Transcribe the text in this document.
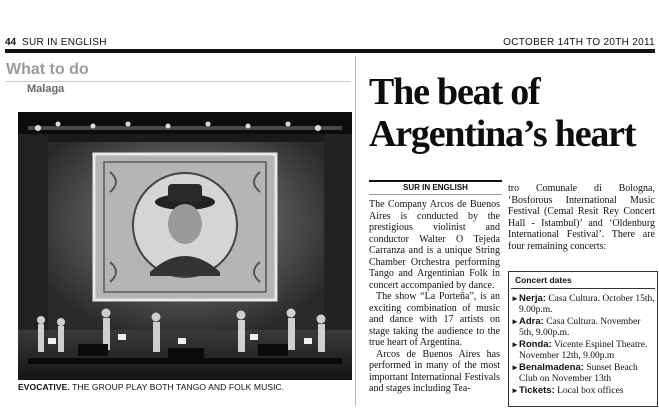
44 SUR IN ENGLISH	OCTOBER 14TH TO 20TH 2011
What to do
Malaga
EVOCATIVE. THE GROUP PLAY BOTH TANGO AND FOLK MUSIC.
The beat of
Argentina’s heart
SUR IN ENGLISH

The Company Arcos de Buenos Aires is conducted by the prestigious violinist and conductor Walter O Tejeda Carranza and is a unique String Chamber Orchestra performing Tango and Argentinian Folk in concert accompanied by dance.

The show “La Porteña”, is an exciting combination of music and dance with 17 artists on stage taking the audience to the true heart of Argentina.

Arcos de Buenos Aires has performed in many of the most important International Festivals and stages including Tea-

tro Comunale di Bologna, ‘Bosforous International Music Festival (Cemal Resit Rey Concert Hall - Istambul)’ and ‘Oldenburg International Festival’. There are four remaining concerts:

Concert dates
► Nerja: Casa Cultura. October 15th, 9.00p.m.
► Adra: Casa Cultura. November 5th, 9.00p.m.
► Ronda: Vicente Espinel Theatre. November 12th, 9.00p.m
► Benalmadena: Sunset Beach Club on November 13th
► Tickets: Local box offices
